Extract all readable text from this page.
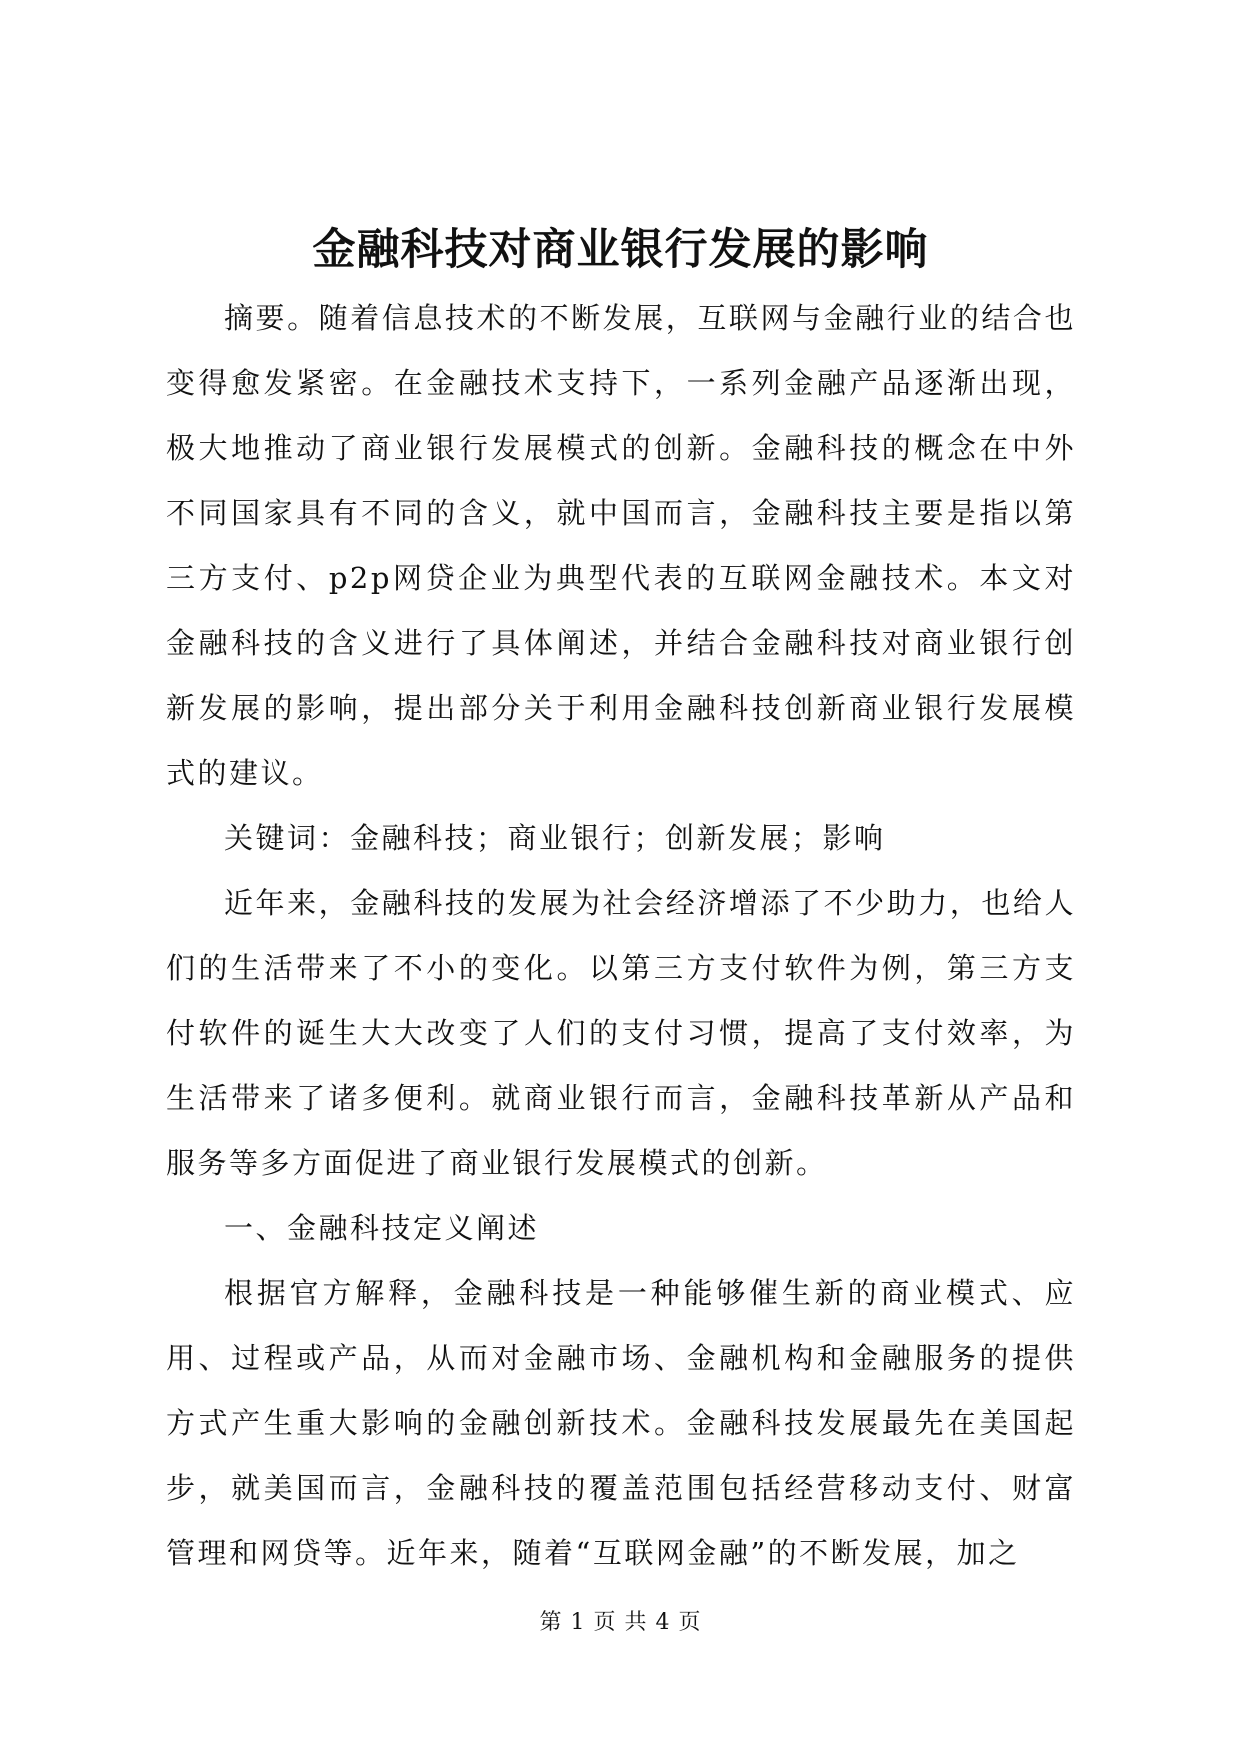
金融科技对商业银行发展的影响

摘要。随着信息技术的不断发展，互联网与金融行业的结合也变得愈发紧密。在金融技术支持下，一系列金融产品逐渐出现，极大地推动了商业银行发展模式的创新。金融科技的概念在中外不同国家具有不同的含义，就中国而言，金融科技主要是指以第三方支付、p2p网贷企业为典型代表的互联网金融技术。本文对金融科技的含义进行了具体阐述，并结合金融科技对商业银行创新发展的影响，提出部分关于利用金融科技创新商业银行发展模式的建议。

关键词：金融科技；商业银行；创新发展；影响

近年来，金融科技的发展为社会经济增添了不少助力，也给人们的生活带来了不小的变化。以第三方支付软件为例，第三方支付软件的诞生大大改变了人们的支付习惯，提高了支付效率，为生活带来了诸多便利。就商业银行而言，金融科技革新从产品和服务等多方面促进了商业银行发展模式的创新。

一、金融科技定义阐述

根据官方解释，金融科技是一种能够催生新的商业模式、应用、过程或产品，从而对金融市场、金融机构和金融服务的提供方式产生重大影响的金融创新技术。金融科技发展最先在美国起步，就美国而言，金融科技的覆盖范围包括经营移动支付、财富管理和网贷等。近年来，随着“互联网金融”的不断发展，加之

第 1 页 共 4 页
